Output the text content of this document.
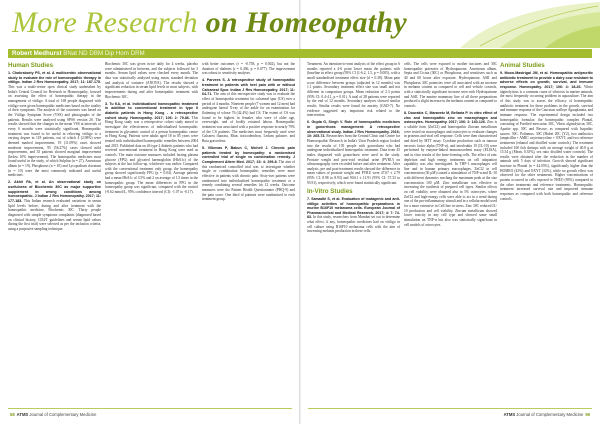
More Research on Homeopathy
Robert Medhurst BNat ND DBM Dip Hom DRM
Human Studies

1. Chakraborty PS, et al. A multicentric observational study to evaluate the role of homoeopathic therapy in vitiligo. Indian J Res Homoeopathy. 2017; 11: 187-175. This was a multi-centre open clinical study undertaken by India's Central Council for Research in Homoeopathy, focused on assessing the effect of homeopathic therapy in the management of vitiligo. A total of 169 people diagnosed with vitiligo were given homeopathic medicines based on the totality of their symptoms. The analysis of the outcomes was based on the Vitiligo Symptom Score (VSS) and photographs of the patients. Results were analysed using SPSS version 20. The results showed that the changes in the mean VSS at intervals of every 6 months were statistically significant. Homeopathic treatment was found to be useful in relieving vitiligo to a varying degree in 118 patients, out of which 4 (2.98%) were deemed marked improvement, 19 (11.09%) cases showed moderate improvement, 95 (56.27%) cases showed mild improvement, and 35 patients showed marginal improvement (below 10% improvement). The homeopathic medicines most found useful in the study, of which Sulphur (n = 27), Arsenicum album (n = 19), Phosphorus (n = 10) and Lycopodium clavatum (n = 10) were the most commonly indicated and useful medicines.

2. Akhil Rk, et al. An observational study on usefulness of Biochemic 30C as major supportive supplement in wrong conditions among homoeopathic. J Indian J Res Homoeopathy. 2017; 11: 177-183. This Indian research evaluated variations in serum lipid levels before, during and after treatment with the homeopathic medicine, Biochemic 30C. Thirty people diagnosed with simple symptoms complaints (diagnosed based on clinical history, CD4/T guidelines and serum lipid values during the first trial) were selected as per the inclusion criteria, using a purposive sampling technique.

Biochemic 30C was given twice daily for 4 weeks, placebo were administered in between, and the subjects followed for 3 months. Serum lipid values were checked every month. The data was statistically analysed using mean, standard deviation and analysis of variance (ANOVA). The results showed a significant reduction in serum lipid levels in most subjects, with improvements during and after homeopathic treatment with Biochemic 30C.

3. Tu KA, et al. Individualised homeopathic treatment in addition to conventional treatment in type II diabetic patients in Hong Kong - a retrospective cohort study. Homeopathy. 2017; 106: 2: 79-86. This Hong Kong study was a retrospective cohort study aimed to investigate the effectiveness of individualised homeopathic treatment in glycaemic control of a person homeopathic centre in Hong Kong. Patients were adults aged 18 to 85 years were treated with individualised homeopathic remedies between 2004 and 2015. Published data on 46 type 2 diabetic patients who had received conventional treatment in Hong Kong were used as controls. The main outcome measures included fasting plasma glucose (FPG) and glycated haemoglobin (HbA1c) of the subjects at the last follow-up, whichever was earlier. Compared with the conventional treatment only group, the homeopathy group showed significantly FPG (p = 0.04). Average patients had a mean HbA1c of 3.5% and 2 on average of 1.5 times in the homeopathic group. The mean differences in FPG in the homeopathy group was significant, compared with the control (-0.62 mmol/L, 95% confidence interval (CI): -1.07 to -0.17).

with better outcomes (r = -0.758, p = 0.002), but not the duration of diabetes (r = 0.456, p = 0.077). The improvement was robust to sensitivity analyses.

4. Parvees S. A retrospective study of homeopathic treatment in patients with heel pain with or without Calcaneal Spur. Indian J Res Homoeopathy. 2017; 11: 64-71. The aim of this retrospective study was to evaluate the effect of homeopathic treatment for calcaneal spur (CS) over a period of 4 months. Nineteen people (7 women and 12 men) had undergone lateral X-ray of the ankle for an examination for flattening of whose 76 (42.4%) had CS. The extent of CS was found to be highest in females who were of older age, overweight, and of bodily retained labour. Homeopathic treatment was associated with a positive response in nearly 79% of the CS patients. The medicines most frequently used were Calcarea fluorata, Rhus toxicodendron, Ledum palustre, and Ruta graveolens.

5. Vilkevas P, Bakun C, Nichell J. Chronic pain patients treated by homeopathy: a randomised controlled trial of single vs combination remedy. J Complement Altern Med. 2017; 23: 4: 299-8. The aim of this randomised controlled trial was to investigate whether single or combination homeopathic remedies were more effective in patients with chronic pain. Sixty-two patients were randomised into individualised homeopathic treatment or a remedy combining several remedies for 12 weeks. Outcome measures were the Patient Health Questionnaire (PHQ-9) and the pain score. One third of patients were randomised to each treatment group.

Treatment. An intention-to-treat analysis of the effect group in 6 months reported a 4-6 point lower mean the patients with (baseline in effect group (95% CI (1-6.2, 1.5, p = 0.005), with a small standardised treatment effect size (d = 0.38). Mean pain score difference between groups (adjusted in 12 months) was 1.1 points. Secondary treatment effect size was small and not different in comparison groups. Mean reduction of 2.3 points (95% CI: 0.4-4.1, p = 0.01). A total of 28 patients were reported by the end of 12 months. Secondary analyses showed similar results. Similar results were found for anxiety (GAD-7). No evidence suggested any important risk related to the intervention.

6. Gupta G, Singh V. Role of homeopathic medicines in gonorrhoea management: A retrospective observational study. Indian J Res Homoeopathy. 2016; 10: 265-73. Researchers from the Central Clinic and Centre for Homoeopathic Research in India's Uttar Pradesh region looked into the results of 105 people with gonorrhoea who had undergone individualised homeopathic treatment. Data from 45 males diagnosed with gonorrhoea were used in the study. Prostate weight and post-void residual urine (PVRU) on ultrasonography were recorded before and after treatment. After analysis, pre and post-treatment results showed the difference in mean values of prostate weight and PVRU were 47.67 ± 2.79 (95% CI: 8.98 to 8.93) and 90.61 ± 11.91 (95% CI: 57.33 to 93.91), respectively, which were found statistically significant.

In-Vitro Studies

7. Samadhi S, et al. Evaluation of mutagenic and anti-vitiligo activities of homeopathic preparations in murine B16F10 melanoma cells. European Journal of Pharmaceutical and Medical Research. 2017; 4: 7: 74-83. In this study, researchers from Mumbai set out to determine what effect, if any, homeopathic medicines had on vitiligo in cell culture using B16F10 melanoma cells with the aim of increasing melanin production in these cells.

cells. The cells were exposed to mother tinctures and 30C homeopathic potencies of Hydroquinone, Arsenicum album, Sepia and Cicuta (30C) or Phosphorus, and sensitisers such as 40 and 60 hours after exposure. Hydroquinone, ASII and Phosphorus 30C potencies were all associated with an increase in melanin content as compared to cell and vehicle controls, with a statistically significant increase seen with Hydroquinone and ASII. The murine mammary line of all these preparations produced a slight increase in the melanin content as compared to controls.

8. Dourakis C, Maravetz M, Bellaria P. In vitro effect of zinc and homeopathic zinc on macrophages and osteocytes. Homeopathy. 2017; 106: 2: 140-126. Zinc is a soluble form (ZnCl2) and homeopathic Zincum metallicum were tested on macrophages and osteocytes to evaluate changes in proteins and viral cell response. Cells were then characterised and dried by MTT assay. Cytokine production such as tumour necrosis factor alpha (TNF-α), and interleukin 10 (IL-10) were performed by enzyme-linked immunosorbent assay (ELISA), and in vitro results of the bone-forming cells. The effect of zinc depletion and high energy treatments on cell adaptation capability was also investigated. In THP-1 macrophages cell line and in human primary macrophages, ZnCl2 in cell concentration (30 μM) caused a stimulation of TNF-α and IL-10 with different dynamics reaching the maximum peak at the size concentration 100 μM. Zinc metallicum was effective in increasing the synthesis of prepared cell types. Similar effects on cell viability were obtained also in 5% osteocytes, where ZnCl2 and high-energy cells were able to act in a trend during one of the pro-inflammatory stimuli and in a cellular model used for a more extensive in Cell line in stress. Zinc 30C reduced IL-10 production and cell viability. Zincum metallicum showed lower toxicity in any cell type and showed some small stimulation on TNF-α but also was statistically significant in cell models of osteocytes.

Animal Studies

9. Moon-Mastrigal JM, et al. Homeopathic antipruritic antibiotic treatment to provide a dairy cow resistant to adverse effects on growth, survival, and immune response. Homeopathy. 2017; 106: 4: 18-26. Vibrio alginolyticus is a common cause of vibriosis in marine animals, the most frequently occurring problem in aquaculture. The aim of this study was to assess the efficacy of homeopathic antibiotic treatment for these problems in the growth, survival and immune response of the Caucasus walleye Aguaplanata, and immune response. The experimental design included two homeopathic formulas: the homeopathic complex Plantal, consisting of Purified mercurius 30C, Vibrio alginolyticus 30C, Apatite spp. 30C and Rescue, as compared with Isopathic sauces: 30C. Poliamus: 30C (Hubei 20C (Y2), two antibiotics (ampicillin + AMIC oxytetracycline + OXYT, and two reference treatments (ethanol and distilled water controls). The treatment included 160 fish shrimps with an average weight of 40.8 g at 15.54 g (Mean, 0.35%), sex ratio distilled water controls). The results were obtained after the reduction in the number of animals with 5 days of infection. Growth showed significant increase in Plantal (n = 44.05%), significantly higher than the HOMEO (43%) and OXYT (32%), while no growth effect was observed for the other treatments. Higher concentrations of protein occurred in cells exposed to THEO (93%) compared to the other treatments and reference treatments. Homeopathic treatment increased survival rate and improved immune responses as compared with both homeopathic and reference controls.

58 ATMS Journal of Complementary Medicine	ATMS Journal of Complementary Medicine 59
